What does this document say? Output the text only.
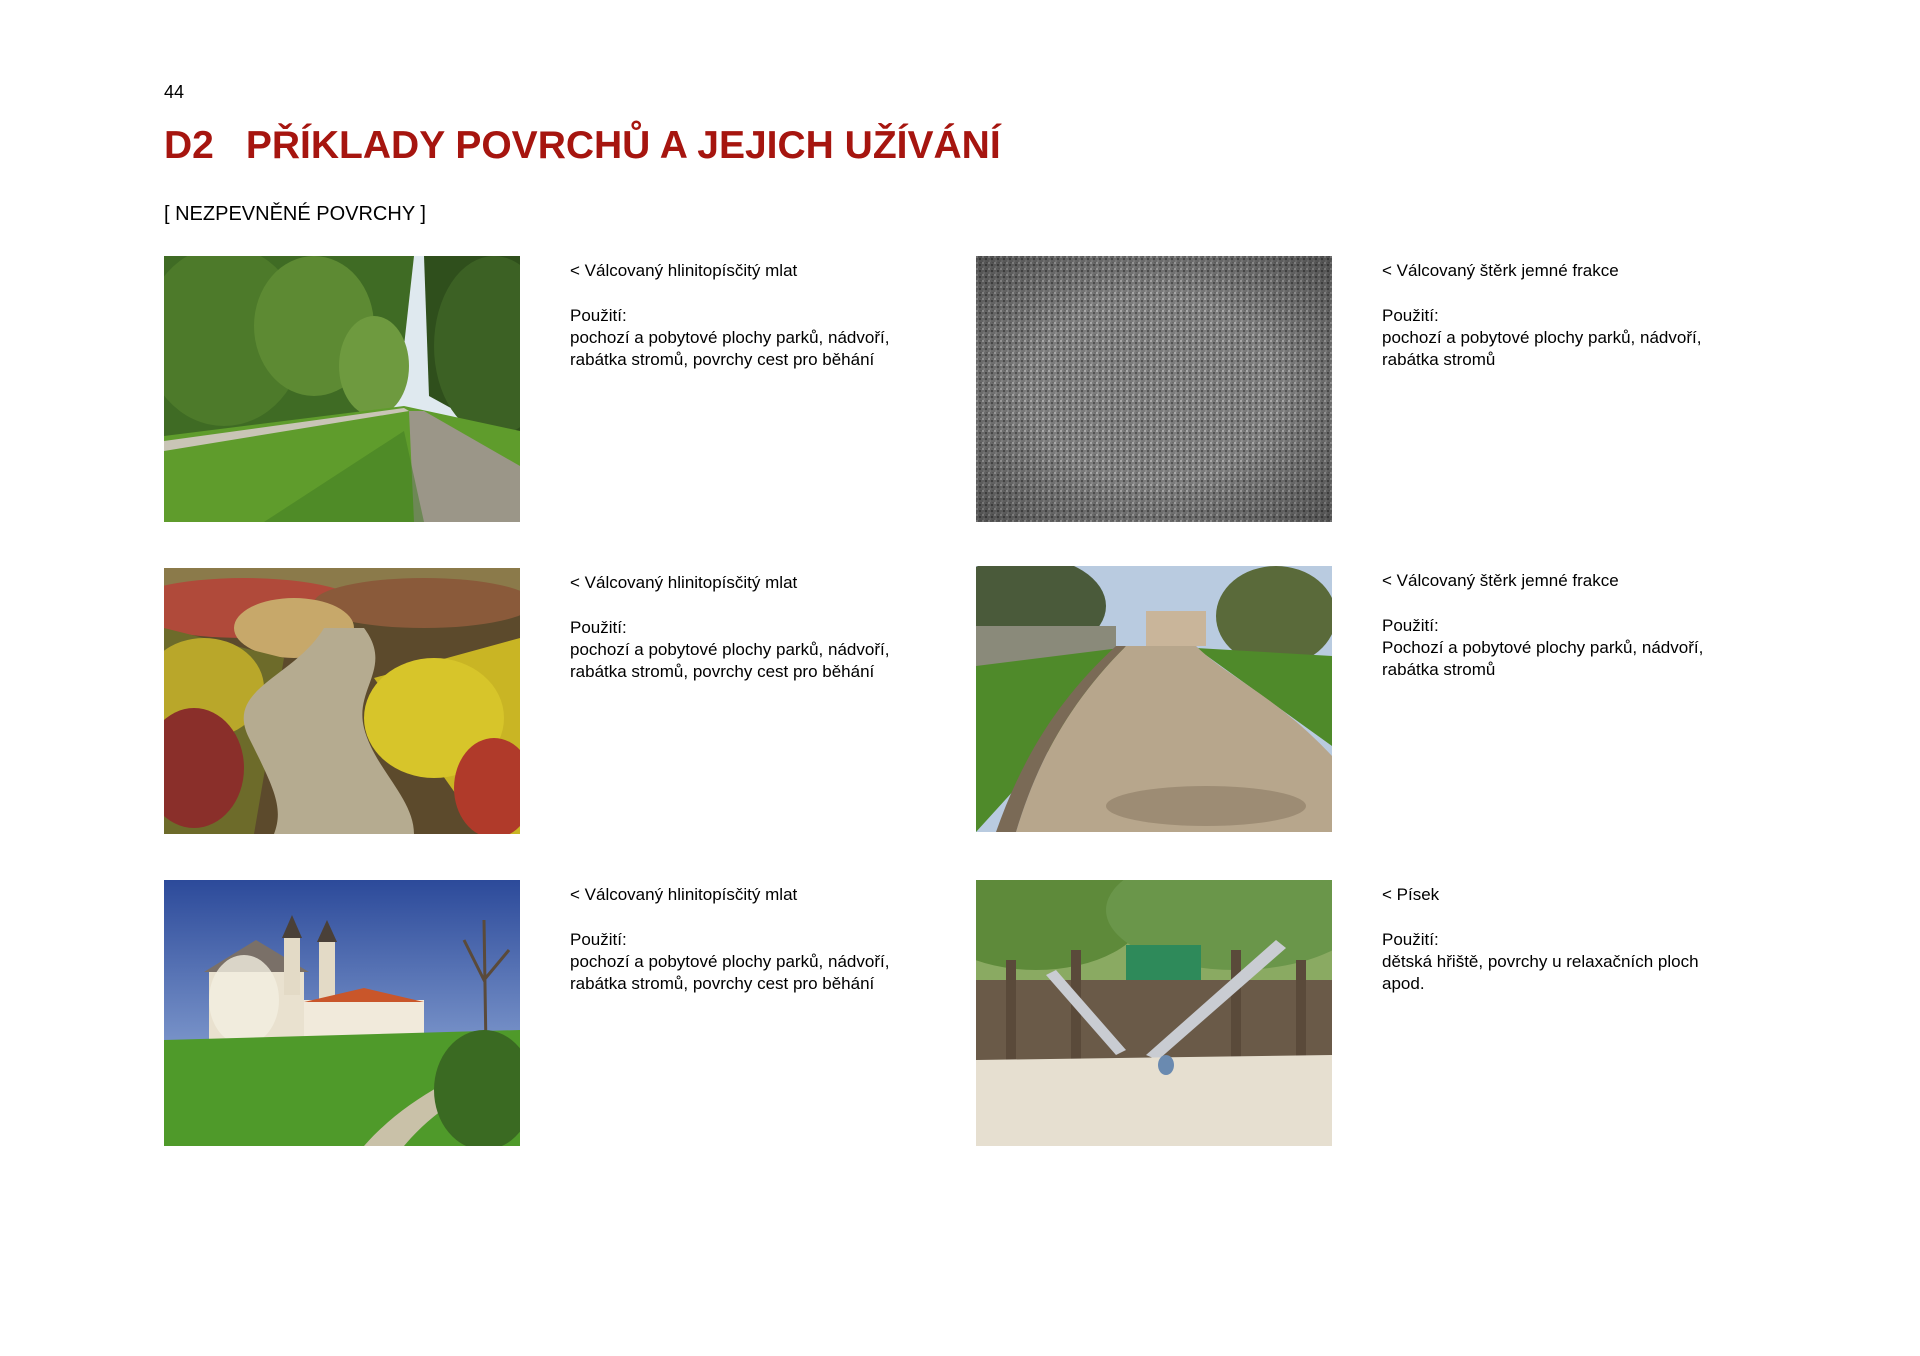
44
D2 PŘÍKLADY POVRCHŮ A JEJICH UŽÍVÁNÍ
[ NEZPEVNĚNÉ POVRCHY ]
< Válcovaný hlinitopísčitý mlat
Použití:
pochozí a pobytové plochy parků, nádvoří, rabátka stromů, povrchy cest pro běhání
< Válcovaný štěrk jemné frakce
Použití:
pochozí a pobytové plochy parků, nádvoří, rabátka stromů
< Válcovaný hlinitopísčitý mlat
Použití:
pochozí a pobytové plochy parků, nádvoří, rabátka stromů, povrchy cest pro běhání
< Válcovaný štěrk jemné frakce
Použití:
Pochozí a pobytové plochy parků, nádvoří, rabátka stromů
< Válcovaný hlinitopísčitý mlat
Použití:
pochozí a pobytové plochy parků, nádvoří, rabátka stromů, povrchy cest pro běhání
< Písek
Použití:
dětská hřiště, povrchy u relaxačních ploch apod.
